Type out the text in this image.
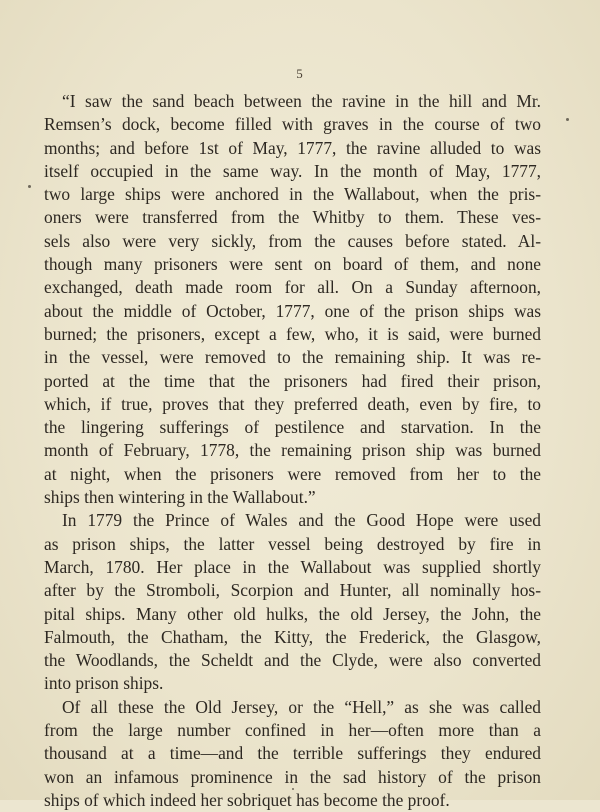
5
“I saw the sand beach between the ravine in the hill and Mr.
Remsen’s dock, become filled with graves in the course of two
months; and before 1st of May, 1777, the ravine alluded to was
itself occupied in the same way. In the month of May, 1777,
two large ships were anchored in the Wallabout, when the pris-
oners were transferred from the Whitby to them. These ves-
sels also were very sickly, from the causes before stated. Al-
though many prisoners were sent on board of them, and none
exchanged, death made room for all. On a Sunday afternoon,
about the middle of October, 1777, one of the prison ships was
burned; the prisoners, except a few, who, it is said, were burned
in the vessel, were removed to the remaining ship. It was re-
ported at the time that the prisoners had fired their prison,
which, if true, proves that they preferred death, even by fire, to
the lingering sufferings of pestilence and starvation. In the
month of February, 1778, the remaining prison ship was burned
at night, when the prisoners were removed from her to the
ships then wintering in the Wallabout.”
In 1779 the Prince of Wales and the Good Hope were used
as prison ships, the latter vessel being destroyed by fire in
March, 1780. Her place in the Wallabout was supplied shortly
after by the Stromboli, Scorpion and Hunter, all nominally hos-
pital ships. Many other old hulks, the old Jersey, the John, the
Falmouth, the Chatham, the Kitty, the Frederick, the Glasgow,
the Woodlands, the Scheldt and the Clyde, were also converted
into prison ships.
Of all these the Old Jersey, or the “Hell,” as she was called
from the large number confined in her—often more than a
thousand at a time—and the terrible sufferings they endured
won an infamous prominence in the sad history of the prison
ships of which indeed her sobriquet has become the proof.
